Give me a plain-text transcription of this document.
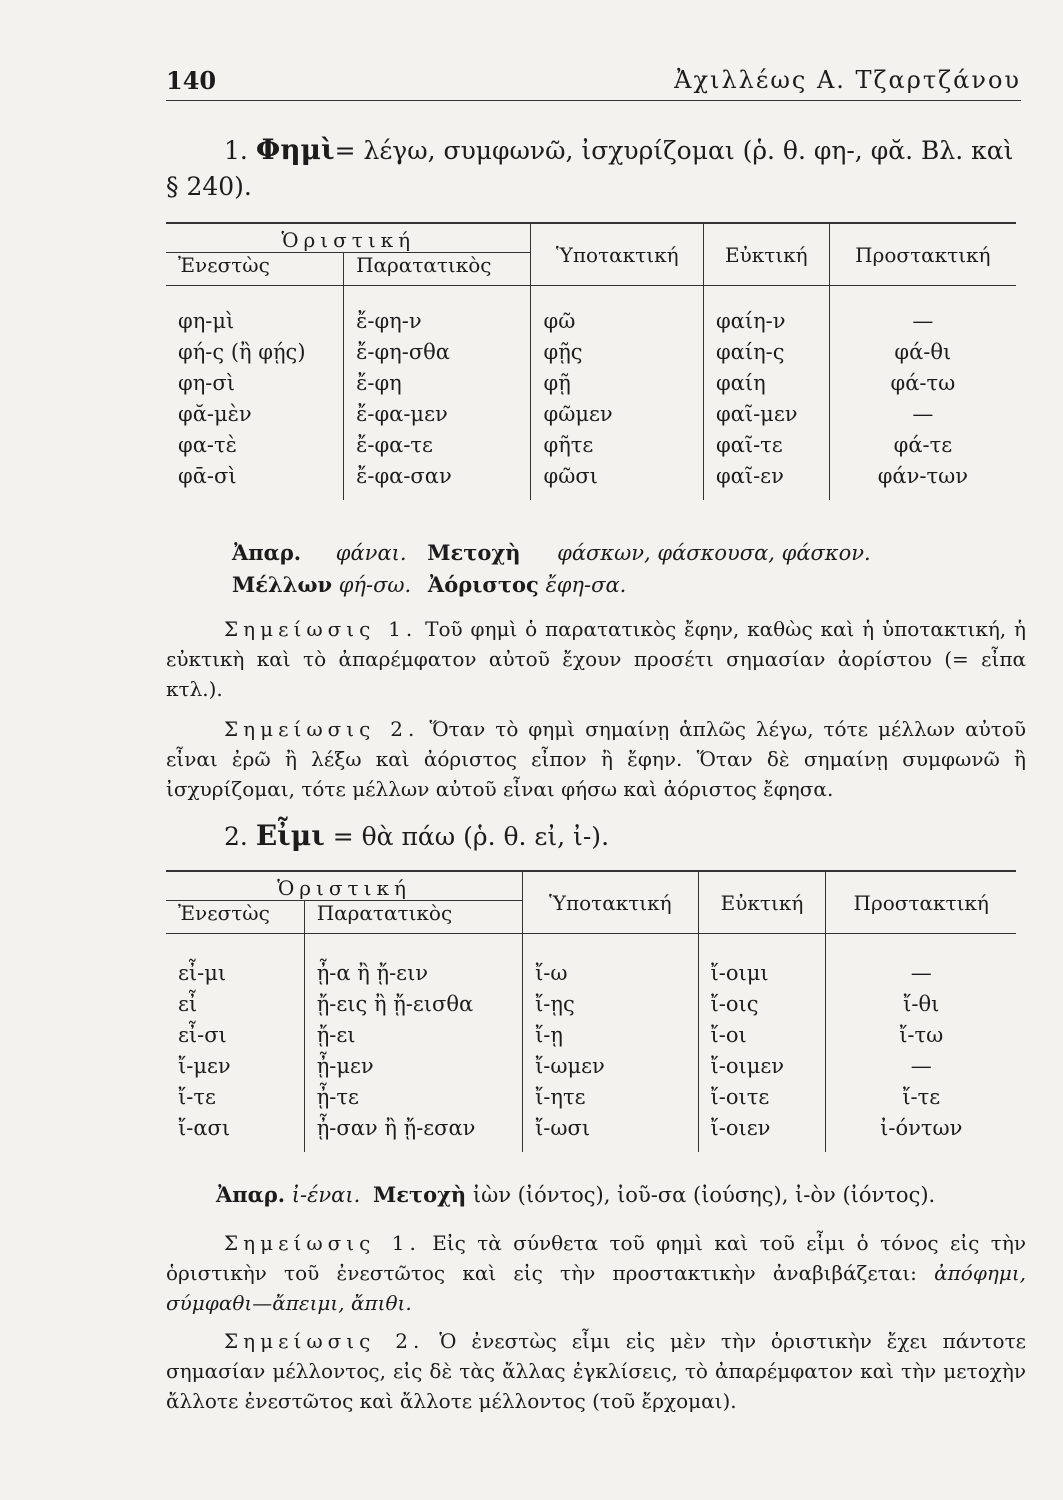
140	Ἀχιλλέως Α. Τζαρτζάνου
1. Φημὶ= λέγω, συμφωνῶ, ἰσχυρίζομαι (ῥ. θ. φη-, φᾰ. Βλ. καὶ § 240).
Ὁριστική		Ὑποτακτική	Εὐκτική	Προστακτική
Ἐνεστὼς	Παρατατικὸς			
φη-μὶ	ἔ-φη-ν	φῶ	φαίη-ν	—
φή-ς (ἢ φῄς)	ἔ-φη-σθα	φῇς	φαίη-ς	φά-θι
φη-σὶ	ἔ-φη	φῇ	φαίη	φά-τω
φᾰ-μὲν	ἔ-φα-μεν	φῶμεν	φαῖ-μεν	—
φα-τὲ	ἔ-φα-τε	φῆτε	φαῖ-τε	φά-τε
φᾱ-σὶ	ἔ-φα-σαν	φῶσι	φαῖ-εν	φάν-των
Ἀπαρ. φάναι. Μετοχὴ φάσκων, φάσκουσα, φάσκον.
Μέλλων φή-σω. Ἀόριστος ἔφη-σα.
Σημείωσις 1. Τοῦ φημὶ ὁ παρατατικὸς ἔφην, καθὼς καὶ ἡ ὑποτακτική, ἡ εὐκτικὴ καὶ τὸ ἀπαρέμφατον αὐτοῦ ἔχουν προσέτι σημασίαν ἀορίστου (= εἶπα κτλ.).
Σημείωσις 2. Ὅταν τὸ φημὶ σημαίνῃ ἁπλῶς λέγω, τότε μέλλων αὐτοῦ εἶναι ἐρῶ ἢ λέξω καὶ ἀόριστος εἶπον ἢ ἔφην. Ὅταν δὲ σημαίνῃ συμφωνῶ ἢ ἰσχυρίζομαι, τότε μέλλων αὐτοῦ εἶναι φήσω καὶ ἀόριστος ἔφησα.
2. Εἶμι = θὰ πάω (ῥ. θ. εἰ, ἰ-).
Ὁριστική		Ὑποτακτική	Εὐκτική	Προστακτική
Ἐνεστὼς	Παρατατικὸς			
εἶ-μι	ᾖ-α ἢ ᾔ-ειν	ἴ-ω	ἴ-οιμι	—
εἶ	ᾔ-εις ἢ ᾔ-εισθα	ἴ-ῃς	ἴ-οις	ἴ-θι
εἶ-σι	ᾔ-ει	ἴ-ῃ	ἴ-οι	ἴ-τω
ἴ-μεν	ᾖ-μεν	ἴ-ωμεν	ἴ-οιμεν	—
ἴ-τε	ᾖ-τε	ἴ-ητε	ἴ-οιτε	ἴ-τε
ἴ-ασι	ᾖ-σαν ἢ ᾔ-εσαν	ἴ-ωσι	ἴ-οιεν	ἰ-όντων
Ἀπαρ. ἰ-έναι. Μετοχὴ ἰὼν (ἰόντος), ἰοῦ-σα (ἰούσης), ἰ-ὸν (ἰόντος).
Σημείωσις 1. Εἰς τὰ σύνθετα τοῦ φημὶ καὶ τοῦ εἶμι ὁ τόνος εἰς τὴν ὁριστικὴν τοῦ ἐνεστῶτος καὶ εἰς τὴν προστακτικὴν ἀναβιβάζεται: ἀπόφημι, σύμφαθι—ἄπειμι, ἄπιθι.
Σημείωσις 2. Ὁ ἐνεστὼς εἶμι εἰς μὲν τὴν ὁριστικὴν ἔχει πάντοτε σημασίαν μέλλοντος, εἰς δὲ τὰς ἄλλας ἐγκλίσεις, τὸ ἀπαρέμφατον καὶ τὴν μετοχὴν ἄλλοτε ἐνεστῶτος καὶ ἄλλοτε μέλλοντος (τοῦ ἔρχομαι).
